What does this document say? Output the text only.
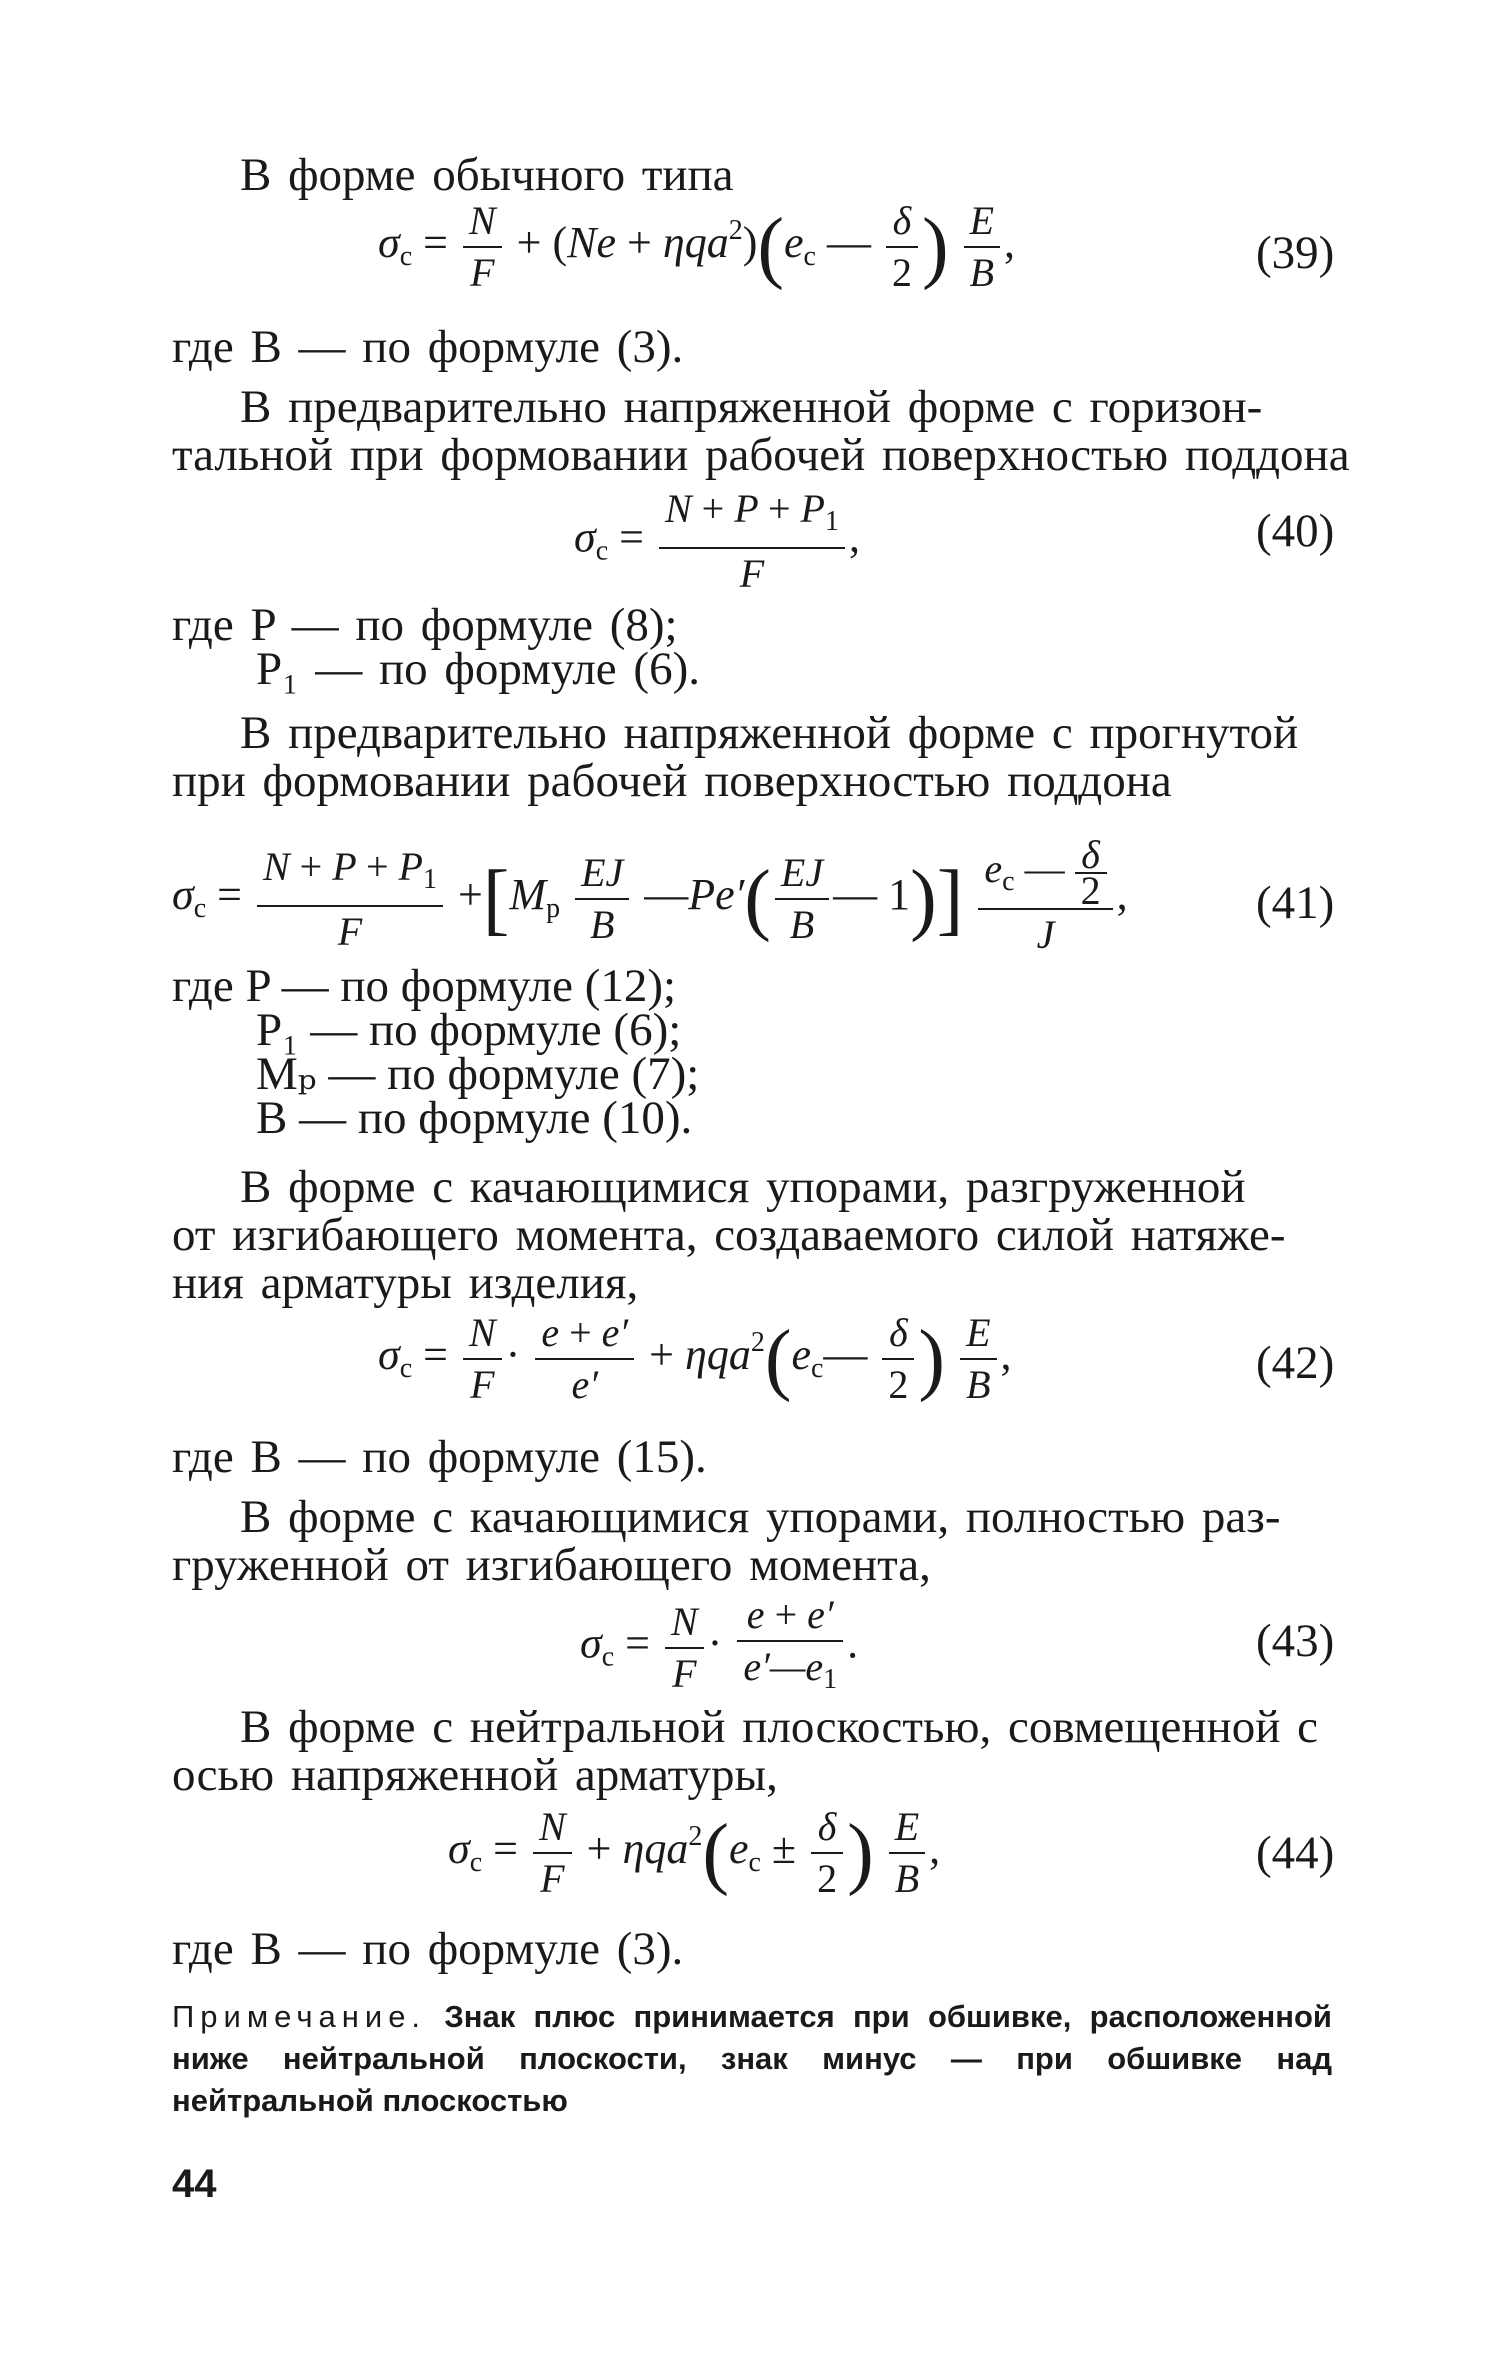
В форме обычного типа
$\sigma_c = \frac{N}{F} + (Ne + \eta qa^2)(e_c$ — $\frac{\delta}{2}$ ) $\frac{E}{B}$ ,	(39)
где B — по формуле (3).
В предварительно напряженной форме с горизон-
тальной при формовании рабочей поверхностью поддона
$\sigma_c = \frac{N + P + P_1}{F}$ ,	(40)
где P — по формуле (8);
P₁ — по формуле (6).
В предварительно напряженной форме с прогнутой
при формовании рабочей поверхностью поддона
$\sigma_c = \frac{N + P + P_1}{F} +[M_p \frac{EJ}{B}$ —Pe′( $\frac{EJ}{B}$ — $1)] \frac{e_c — \frac{\delta}{2}}{J}$ ,	(41)
где P — по формуле (12);
P₁ — по формуле (6);
Mₚ — по формуле (7);
B — по формуле (10).
В форме с качающимися упорами, разгруженной
от изгибающего момента, создаваемого силой натяже-
ния арматуры изделия,
$\sigma_c = \frac{N}{F} \cdot \frac{e + e'}{e'}$ + $\eta qa^2(e_c— \frac{\delta}{2}$ ) $\frac{E}{B}$ ,	(42)
где B — по формуле (15).
В форме с качающимися упорами, полностью раз-
груженной от изгибающего момента,
$\sigma_c = \frac{N}{F} \cdot \frac{e + e'}{e'—e_1}$ .	(43)
В форме с нейтральной плоскостью, совмещенной с
осью напряженной арматуры,
$\sigma_c = \frac{N}{F} + \eta qa^2(e_c \pm \frac{\delta}{2}$ ) $\frac{E}{B}$ ,	(44)
где B — по формуле (3).
Примечание. Знак плюс принимается при обшивке, расположенной ниже нейтральной плоскости, знак минус — при обшивке над нейтральной плоскостью
44
